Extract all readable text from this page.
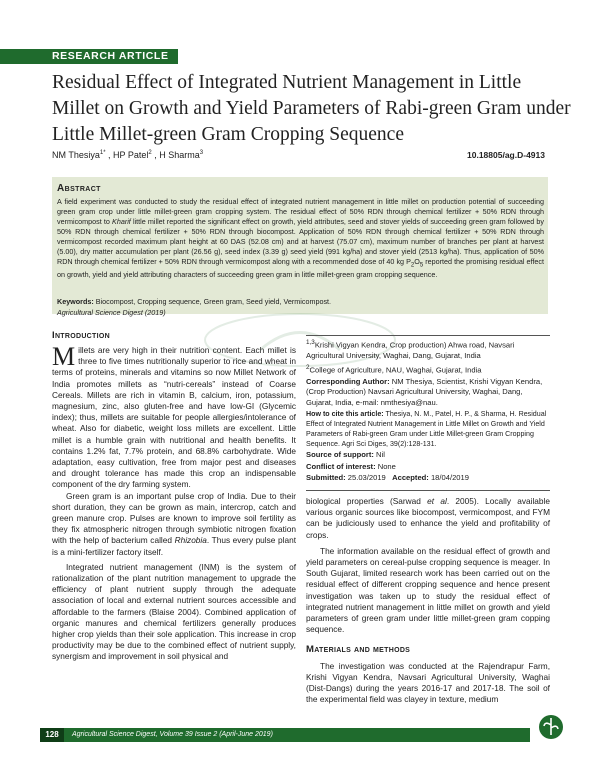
RESEARCH ARTICLE
Residual Effect of Integrated Nutrient Management in Little Millet on Growth and Yield Parameters of Rabi-green Gram under Little Millet-green Gram Cropping Sequence
NM Thesiya$^{1*}$ , HP Patel$^2$ , H Sharma$^3$	10.18805/ag.D-4913
Abstract
A field experiment was conducted to study the residual effect of integrated nutrient management in little millet on production potential of succeeding green gram crop under little millet-green gram cropping system. The residual effect of 50% RDN through chemical fertilizer + 50% RDN through vermicompost to Kharif little millet reported the significant effect on growth, yield attributes, seed and stover yields of succeeding green gram followed by 50% RDN through chemical fertilizer + 50% RDN through biocompost. Application of 50% RDN through chemical fertilizer + 50% RDN through vermicompost recorded maximum plant height at 60 DAS (52.08 cm) and at harvest (75.07 cm), maximum number of branches per plant at harvest (5.00), dry matter accumulation per plant (26.56 g), seed index (3.39 g) seed yield (991 kg/ha) and stover yield (2513 kg/ha). Thus, application of 50% RDN through chemical fertilizer + 50% RDN through vermicompost along with a recommended dose of 40 kg $P_2O_5$ reported the promising residual effect on growth, yield and yield attributing characters of succeeding green gram in little millet-green gram cropping sequence.
Keywords: Biocompost, Cropping sequence, Green gram, Seed yield, Vermicompost.
Agricultural Science Digest (2019)
Introduction

Millets are very high in their nutrition content. Each millet is three to five times nutritionally superior to rice and wheat in terms of proteins, minerals and vitamins so now Millet Network of India promotes millets as “nutri-cereals” instead of Coarse Cereals. Millets are rich in vitamin B, calcium, iron, potassium, magnesium, zinc, also gluten-free and have low-GI (Glycemic index); thus, millets are suitable for people allergies/intolerance of wheat. Also for diabetic, weight loss millets are excellent. Little millet is a humble grain with nutritional and health benefits. It contains 1.2% fat, 7.7% protein, and 68.8% carbohydrate. Wide adaptation, easy cultivation, free from major pest and diseases and drought tolerance has made this crop an indispensable component of the dry farming system.

Green gram is an important pulse crop of India. Due to their short duration, they can be grown as main, intercrop, catch and green manure crop. Pulses are known to improve soil fertility as they fix atmospheric nitrogen through symbiotic nitrogen fixation with the help of bacterium called Rhizobia. Thus every pulse plant is a mini-fertilizer factory itself.

Integrated nutrient management (INM) is the system of rationalization of the plant nutrition management to upgrade the efficiency of plant nutrient supply through the adequate association of local and external nutrient sources accessible and affordable to the farmers (Blaise 2004). Combined application of organic manures and chemical fertilizers generally produces higher crop yields than their sole application. This increase in crop productivity may be due to the combined effect of nutrient supply, synergism and improvement in soil physical and

$^{1,3}$Krishi Vigyan Kendra, Crop production) Ahwa road, Navsari Agricultural University, Waghai, Dang, Gujarat, India
$^2$College of Agriculture, NAU, Waghai, Gujarat, India
Corresponding Author: NM Thesiya, Scientist, Krishi Vigyan Kendra, (Crop Production) Navsari Agricultural University, Waghai, Dang, Gujarat, India, e-mail: nmthesiya@nau.
How to cite this article: Thesiya, N. M., Patel, H. P., & Sharma, H. Residual Effect of Integrated Nutrient Management in Little Millet on Growth and Yield Parameters of Rabi-green Gram under Little Millet-green Gram Cropping Sequence. Agri Sci Diges, 39(2):128-131.
Source of support: Nil
Conflict of interest: None
Submitted: 25.03/2019 Accepted: 18/04/2019

biological properties (Sarwad et al. 2005). Locally available various organic sources like biocompost, vermicompost, and FYM can be judiciously used to enhance the yield and profitability of crops.

The information available on the residual effect of growth and yield parameters on cereal-pulse cropping sequence is meager. In South Gujarat, limited research work has been carried out on the residual effect of different cropping sequence and hence present investigation was taken up to study the residual effect of integrated nutrient management in little millet on growth and yield parameters of green gram under little millet-green gram copping sequence.

Materials and methods

The investigation was conducted at the Rajendrapur Farm, Krishi Vigyan Kendra, Navsari Agricultural University, Waghai (Dist-Dangs) during the years 2016-17 and 2017-18. The soil of the experimental field was clayey in texture, medium

128	Agricultural Science Digest, Volume 39 Issue 2 (April-June 2019)
